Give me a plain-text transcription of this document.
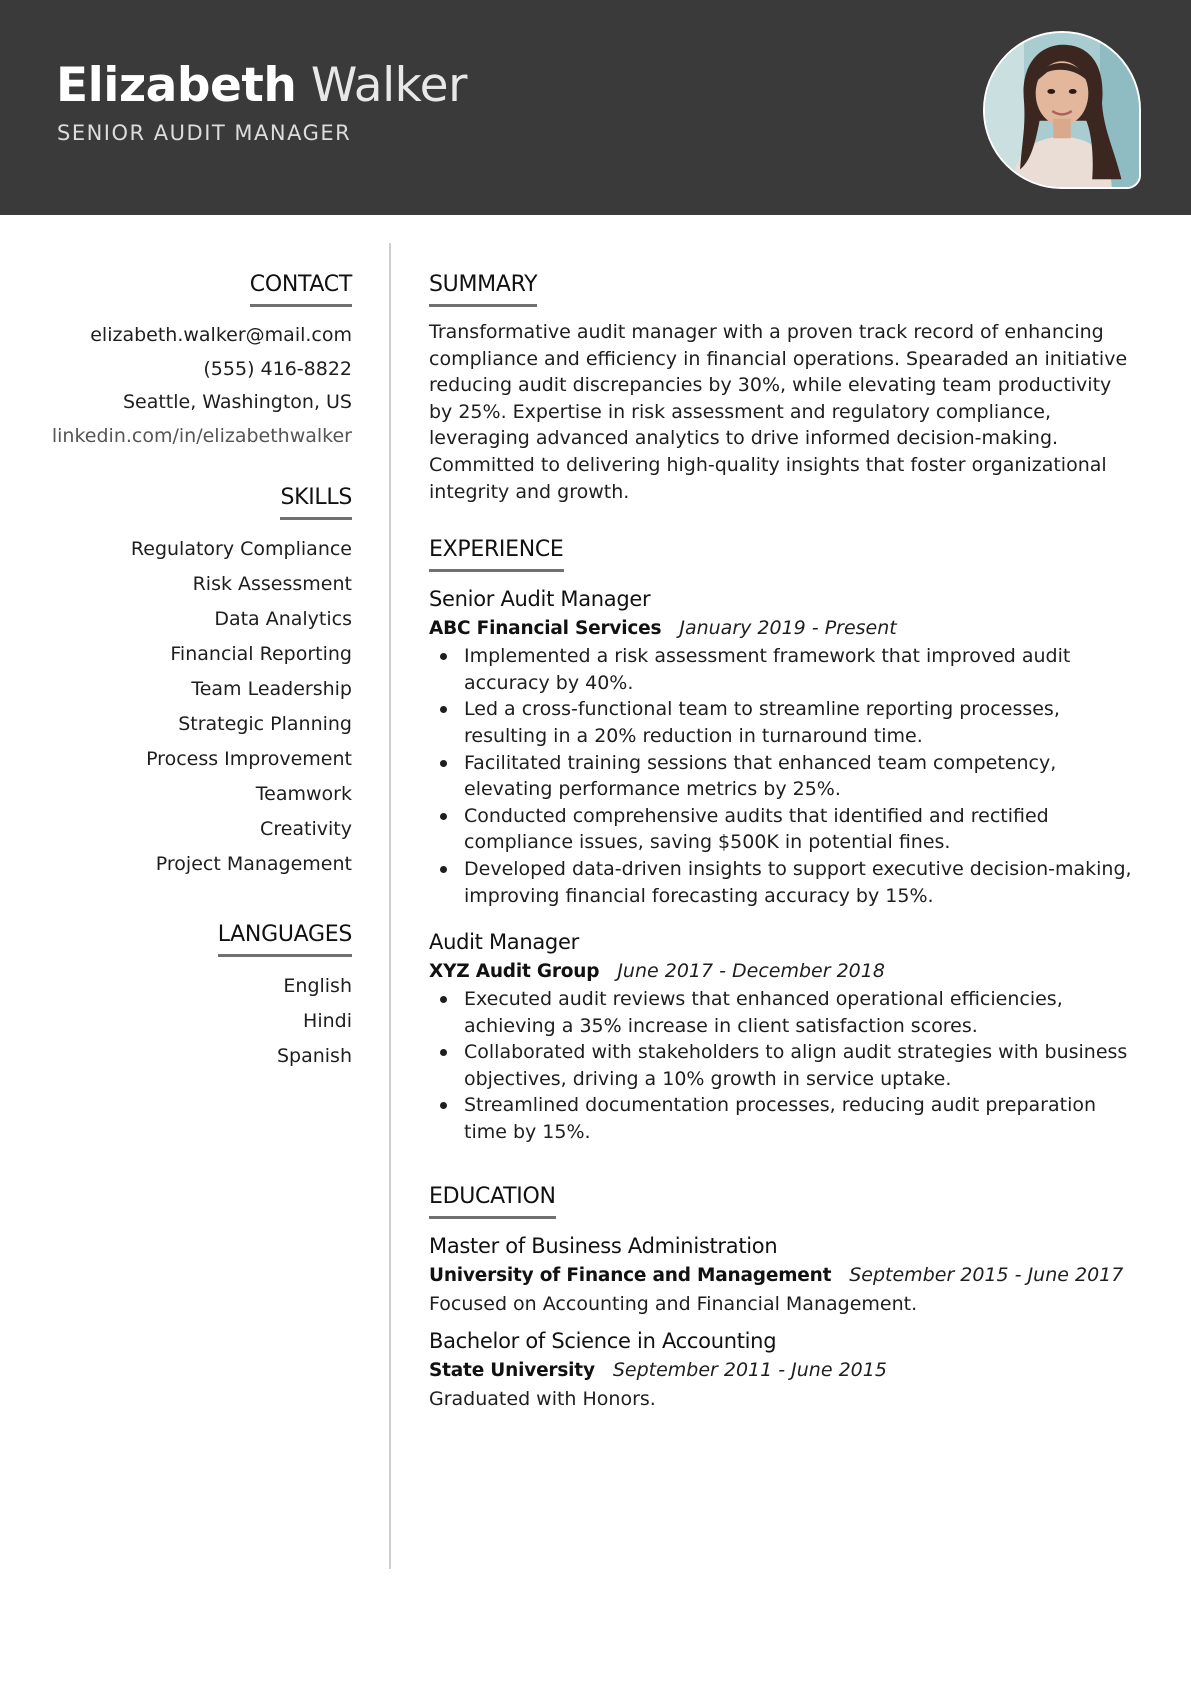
Elizabeth Walker
SENIOR AUDIT MANAGER
CONTACT
elizabeth.walker@mail.com
(555) 416-8822
Seattle, Washington, US
linkedin.com/in/elizabethwalker
SKILLS
Regulatory Compliance
Risk Assessment
Data Analytics
Financial Reporting
Team Leadership
Strategic Planning
Process Improvement
Teamwork
Creativity
Project Management
LANGUAGES
English
Hindi
Spanish
SUMMARY
Transformative audit manager with a proven track record of enhancing compliance and efficiency in financial operations. Spearaded an initiative reducing audit discrepancies by 30%, while elevating team productivity by 25%. Expertise in risk assessment and regulatory compliance, leveraging advanced analytics to drive informed decision-making. Committed to delivering high-quality insights that foster organizational integrity and growth.
EXPERIENCE
Senior Audit Manager
ABC Financial Services January 2019 - Present
Implemented a risk assessment framework that improved audit accuracy by 40%.
Led a cross-functional team to streamline reporting processes, resulting in a 20% reduction in turnaround time.
Facilitated training sessions that enhanced team competency, elevating performance metrics by 25%.
Conducted comprehensive audits that identified and rectified compliance issues, saving $500K in potential fines.
Developed data-driven insights to support executive decision-making, improving financial forecasting accuracy by 15%.
Audit Manager
XYZ Audit Group June 2017 - December 2018
Executed audit reviews that enhanced operational efficiencies, achieving a 35% increase in client satisfaction scores.
Collaborated with stakeholders to align audit strategies with business objectives, driving a 10% growth in service uptake.
Streamlined documentation processes, reducing audit preparation time by 15%.
EDUCATION
Master of Business Administration
University of Finance and Management September 2015 - June 2017
Focused on Accounting and Financial Management.
Bachelor of Science in Accounting
State University September 2011 - June 2015
Graduated with Honors.
